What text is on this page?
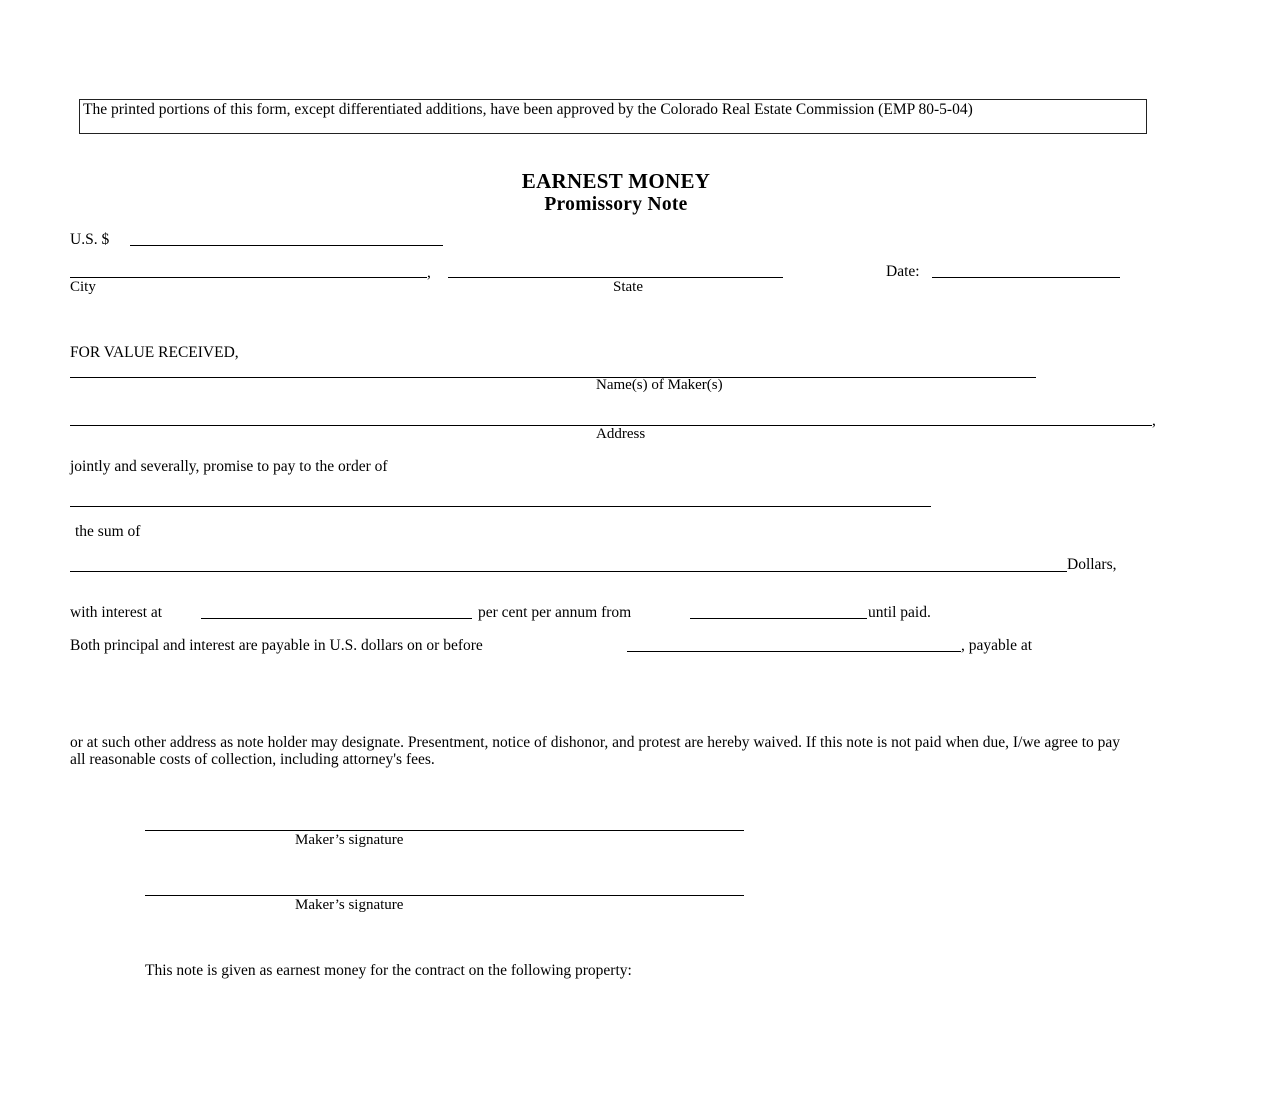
The printed portions of this form, except differentiated additions, have been approved by the Colorado Real Estate Commission (EMP 80-5-04)
EARNEST MONEY
Promissory Note
U.S. $
,	Date:
City	State
FOR VALUE RECEIVED,
Name(s) of Maker(s)
,
Address
jointly and severally, promise to pay to the order of
the sum of
Dollars,
with interest at	per cent per annum from	until paid.
Both principal and interest are payable in U.S. dollars on or before	, payable at
or at such other address as note holder may designate. Presentment, notice of dishonor, and protest are hereby waived. If this note is not paid when due, I/we agree to pay all reasonable costs of collection, including attorney's fees.
Maker’s signature
Maker’s signature
This note is given as earnest money for the contract on the following property:
